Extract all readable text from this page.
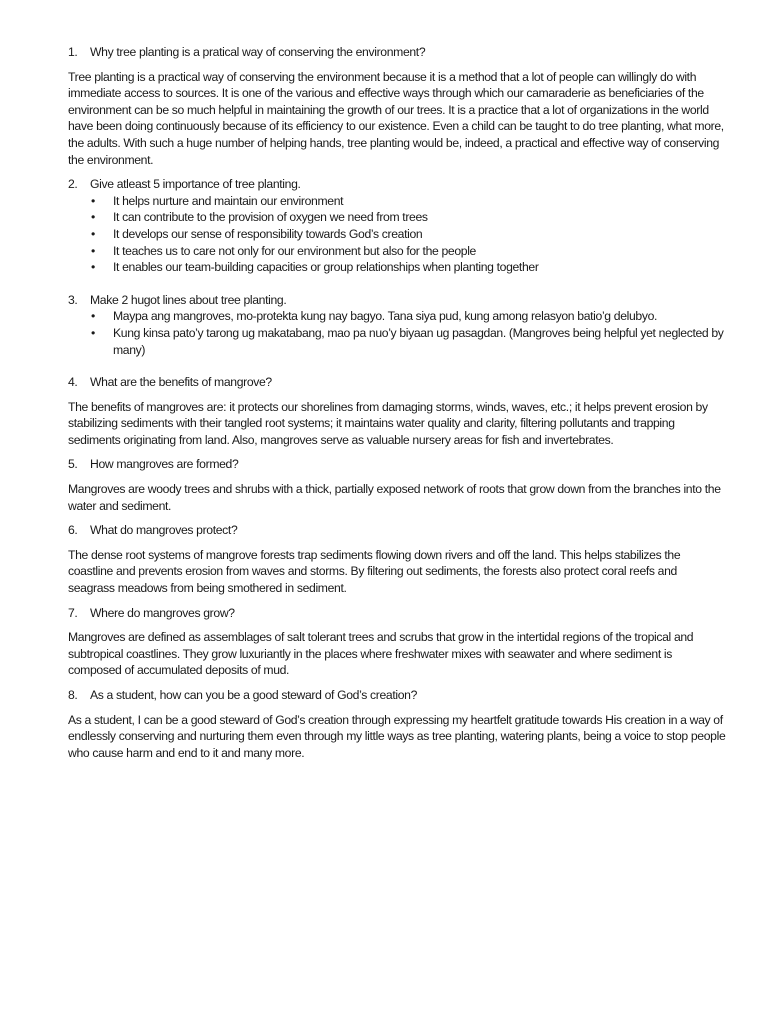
1.	Why tree planting is a pratical way of conserving the environment?

Tree planting is a practical way of conserving the environment because it is a method that a lot of people can willingly do with immediate access to sources. It is one of the various and effective ways through which our camaraderie as beneficiaries of the environment can be so much helpful in maintaining the growth of our trees. It is a practice that a lot of organizations in the world have been doing continuously because of its efficiency to our existence. Even a child can be taught to do tree planting, what more, the adults. With such a huge number of helping hands, tree planting would be, indeed, a practical and effective way of conserving the environment.

2.	Give atleast 5 importance of tree planting.
•	It helps nurture and maintain our environment
•	It can contribute to the provision of oxygen we need from trees
•	It develops our sense of responsibility towards God’s creation
•	It teaches us to care not only for our environment but also for the people
•	It enables our team-building capacities or group relationships when planting together
3.	Make 2 hugot lines about tree planting.
•	Maypa ang mangroves, mo-protekta kung nay bagyo. Tana siya pud, kung among relasyon batio’g delubyo.
•	Kung kinsa pato’y tarong ug makatabang, mao pa nuo’y biyaan ug pasagdan. (Mangroves being helpful yet neglected by many)
4.	What are the benefits of mangrove?

The benefits of mangroves are: it protects our shorelines from damaging storms, winds, waves, etc.; it helps prevent erosion by stabilizing sediments with their tangled root systems; it maintains water quality and clarity, filtering pollutants and trapping sediments originating from land. Also, mangroves serve as valuable nursery areas for fish and invertebrates.

5.	How mangroves are formed?

Mangroves are woody trees and shrubs with a thick, partially exposed network of roots that grow down from the branches into the water and sediment.

6.	What do mangroves protect?

The dense root systems of mangrove forests trap sediments flowing down rivers and off the land. This helps stabilizes the coastline and prevents erosion from waves and storms. By filtering out sediments, the forests also protect coral reefs and seagrass meadows from being smothered in sediment.

7.	Where do mangroves grow?

Mangroves are defined as assemblages of salt tolerant trees and scrubs that grow in the intertidal regions of the tropical and subtropical coastlines. They grow luxuriantly in the places where freshwater mixes with seawater and where sediment is composed of accumulated deposits of mud.

8.	As a student, how can you be a good steward of God’s creation?

As a student, I can be a good steward of God’s creation through expressing my heartfelt gratitude towards His creation in a way of endlessly conserving and nurturing them even through my little ways as tree planting, watering plants, being a voice to stop people who cause harm and end to it and many more.
